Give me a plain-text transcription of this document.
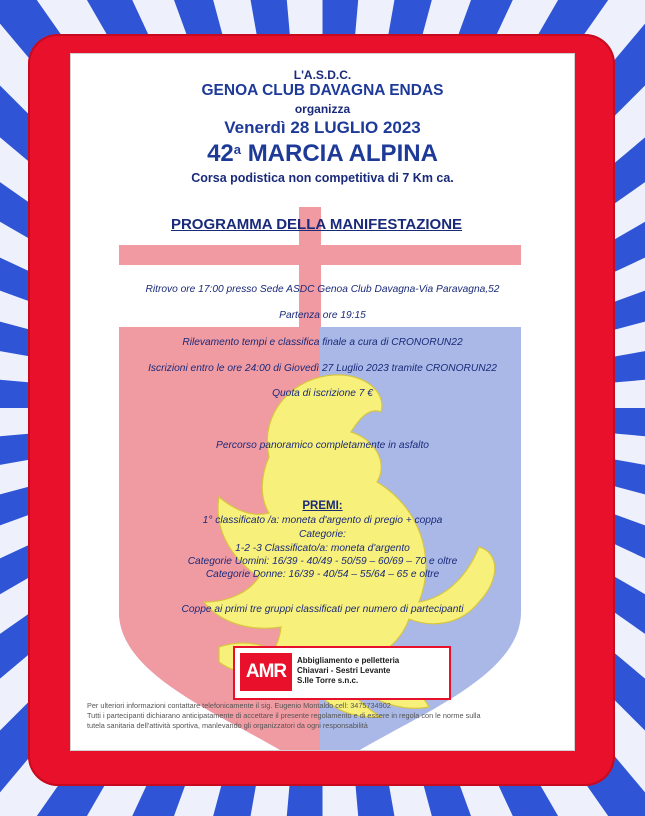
L'A.S.D.C.
GENOA CLUB DAVAGNA ENDAS
organizza
Venerdì 28 LUGLIO 2023
42$^a$ MARCIA ALPINA
Corsa podistica non competitiva di 7 Km ca.
PROGRAMMA DELLA MANIFESTAZIONE
Ritrovo ore 17:00 presso Sede ASDC Genoa Club Davagna-Via Paravagna,52
Partenza ore 19:15
Rilevamento tempi e classifica finale a cura di CRONORUN22
Iscrizioni entro le ore 24:00 di Giovedì 27 Luglio 2023 tramite CRONORUN22
Quota di iscrizione 7 €
Percorso panoramico completamente in asfalto
PREMI:
1° classificato /a: moneta d'argento di pregio + coppa
Categorie:
1-2 -3 Classificato/a: moneta d'argento
Categorie Uomini: 16/39 - 40/49 - 50/59 – 60/69 – 70 e oltre
Categorie Donne: 16/39 - 40/54 – 55/64 – 65 e oltre
Coppe ai primi tre gruppi classificati per numero di partecipanti
AMR
Abbigliamento e pelletteria
Chiavari - Sestri Levante
S.lle Torre s.n.c.
Per ulteriori informazioni contattare telefonicamente il sig. Eugenio Montaldo cell: 3475734902
Tutti i partecipanti dichiarano anticipatamente di accettare il presente regolamento e di essere in regola con le norme sulla
tutela sanitaria dell'attività sportiva, manlevando gli organizzatori da ogni responsabilità
